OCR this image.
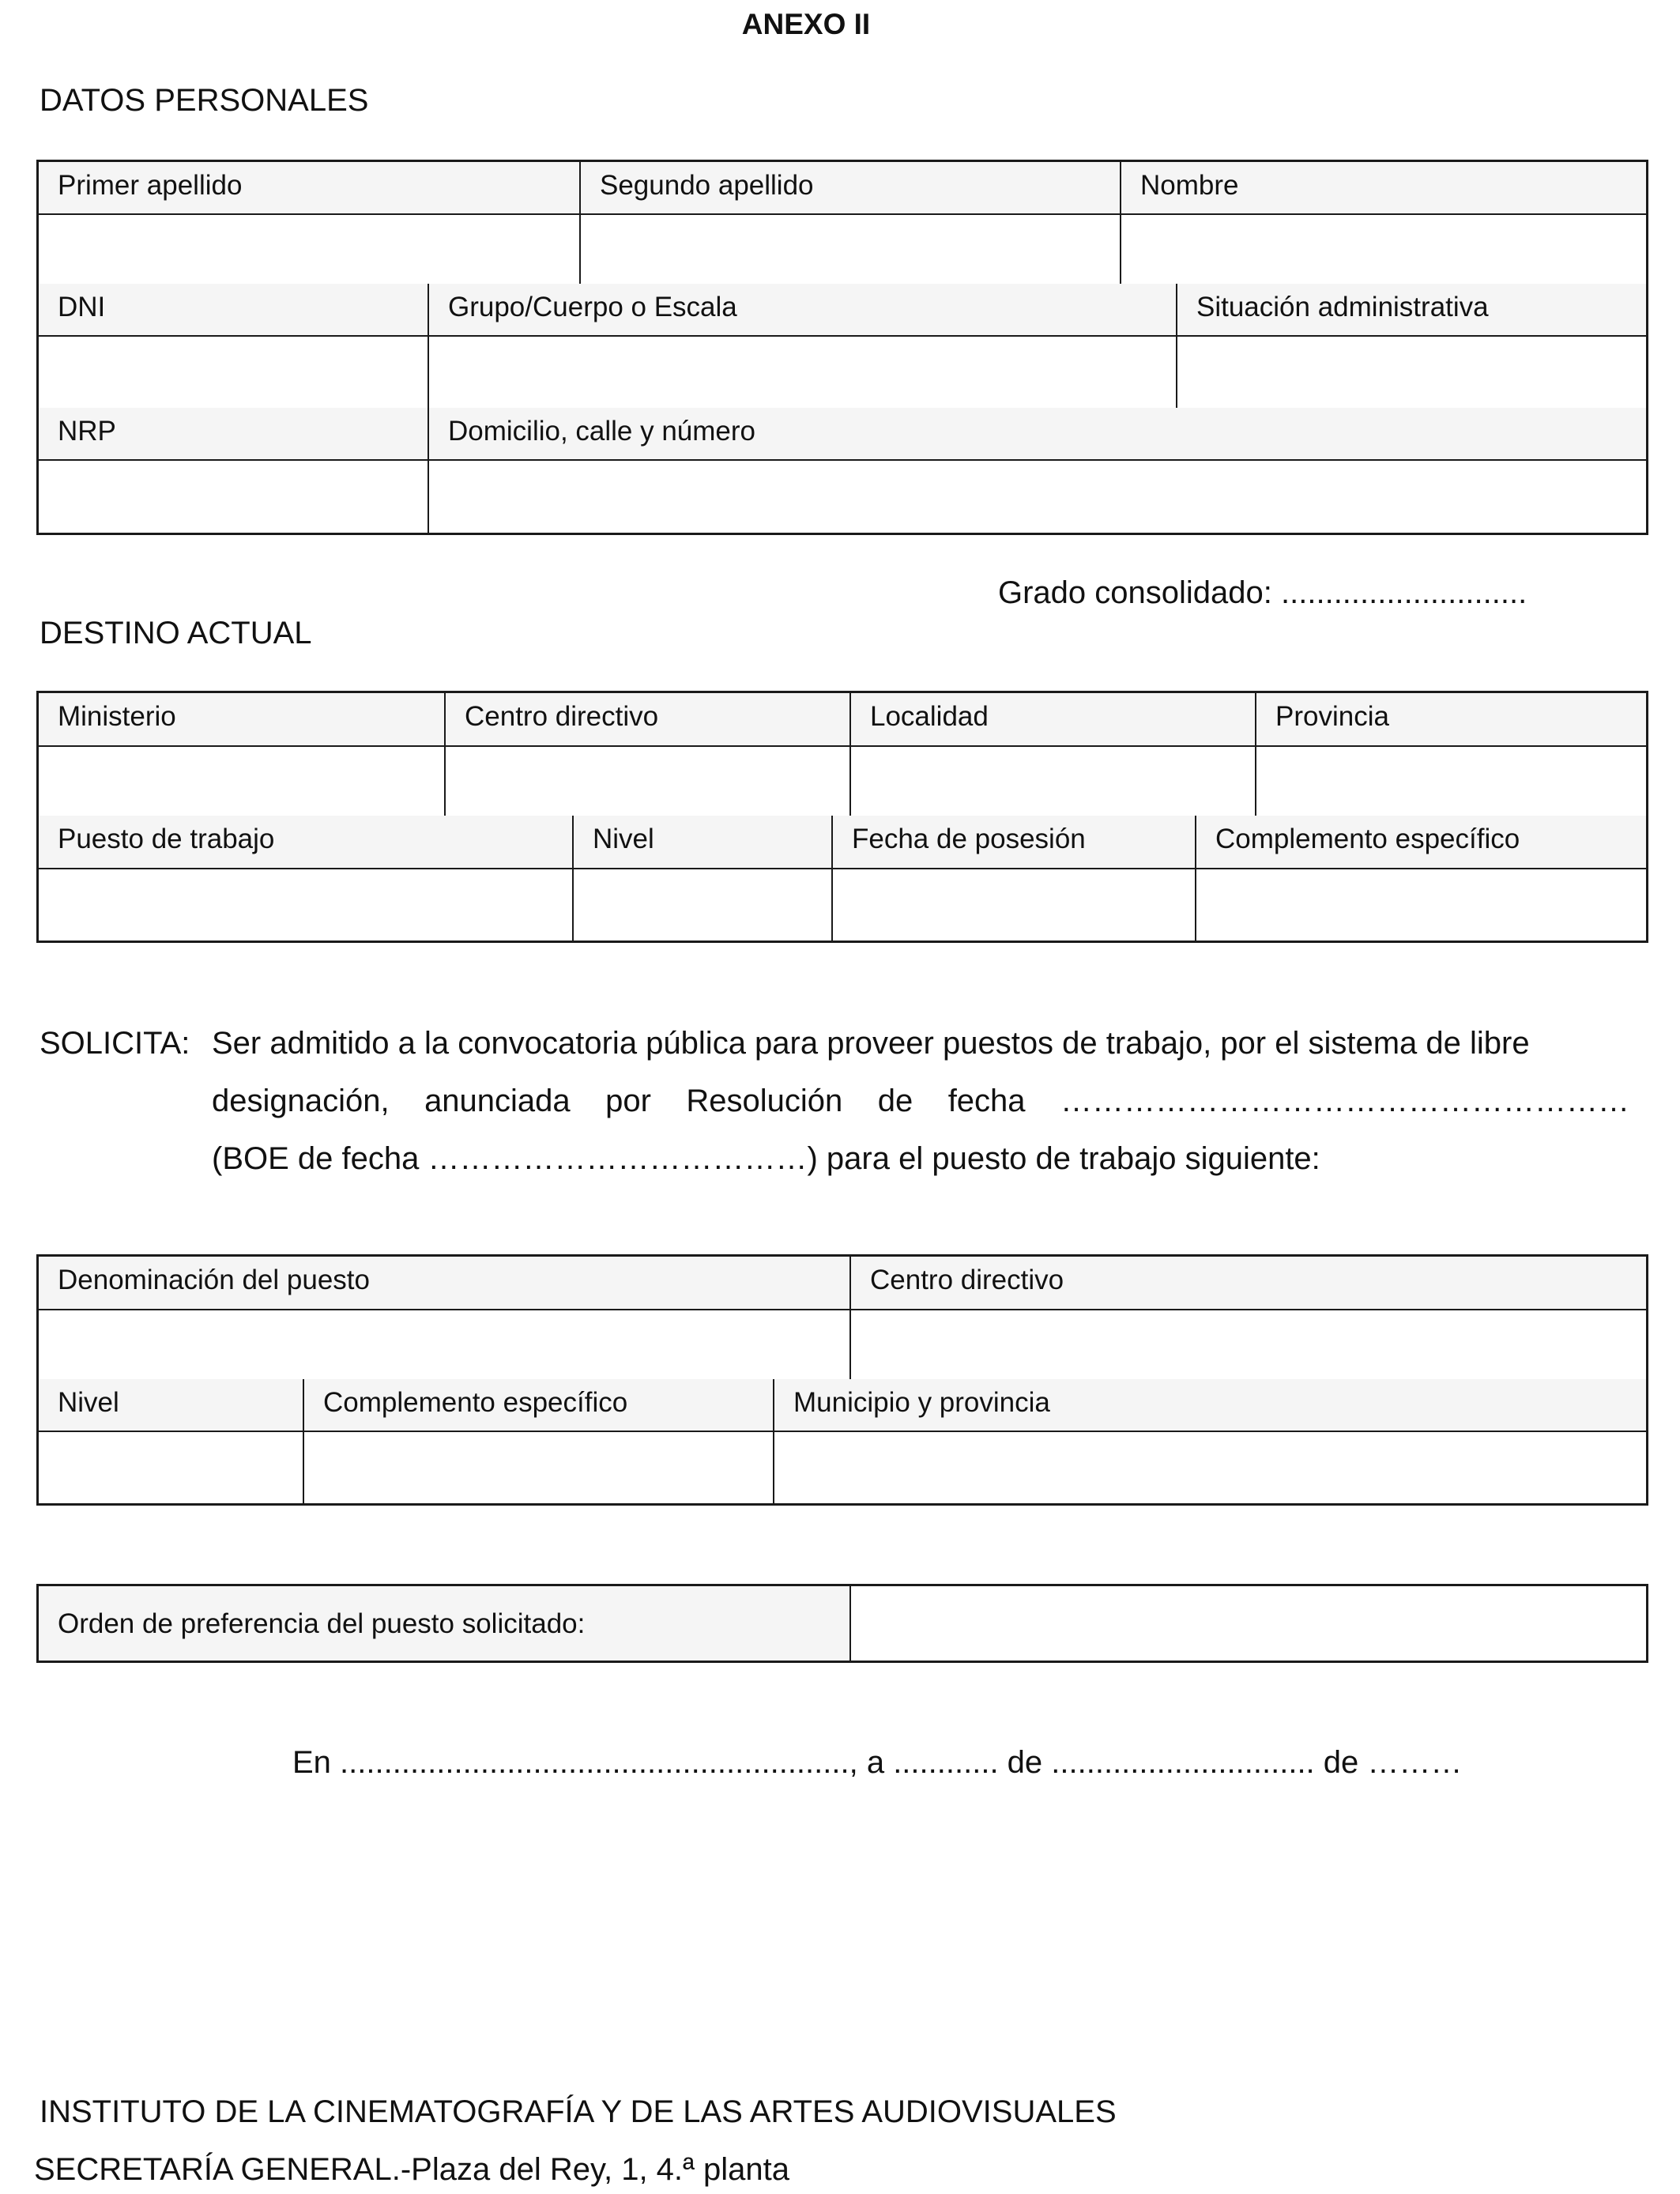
ANEXO II
DATOS PERSONALES
Primer apellido	Segundo apellido	Nombre
DNI	Grupo/Cuerpo o Escala	Situación administrativa
NRP	Domicilio, calle y número
Grado consolidado: ............................
DESTINO ACTUAL
Ministerio	Centro directivo	Localidad	Provincia
Puesto de trabajo	Nivel	Fecha de posesión	Complemento específico
SOLICITA: Ser admitido a la convocatoria pública para proveer puestos de trabajo, por el sistema de libre
designación, anunciada por Resolución de fecha ………………………………………………
(BOE de fecha ………………………………) para el puesto de trabajo siguiente:
Denominación del puesto	Centro directivo
Nivel	Complemento específico	Municipio y provincia
Orden de preferencia del puesto solicitado:
En .........................................................., a ............ de .............................. de ………
INSTITUTO DE LA CINEMATOGRAFÍA Y DE LAS ARTES AUDIOVISUALES
SECRETARÍA GENERAL.-Plaza del Rey, 1, 4.ª planta
